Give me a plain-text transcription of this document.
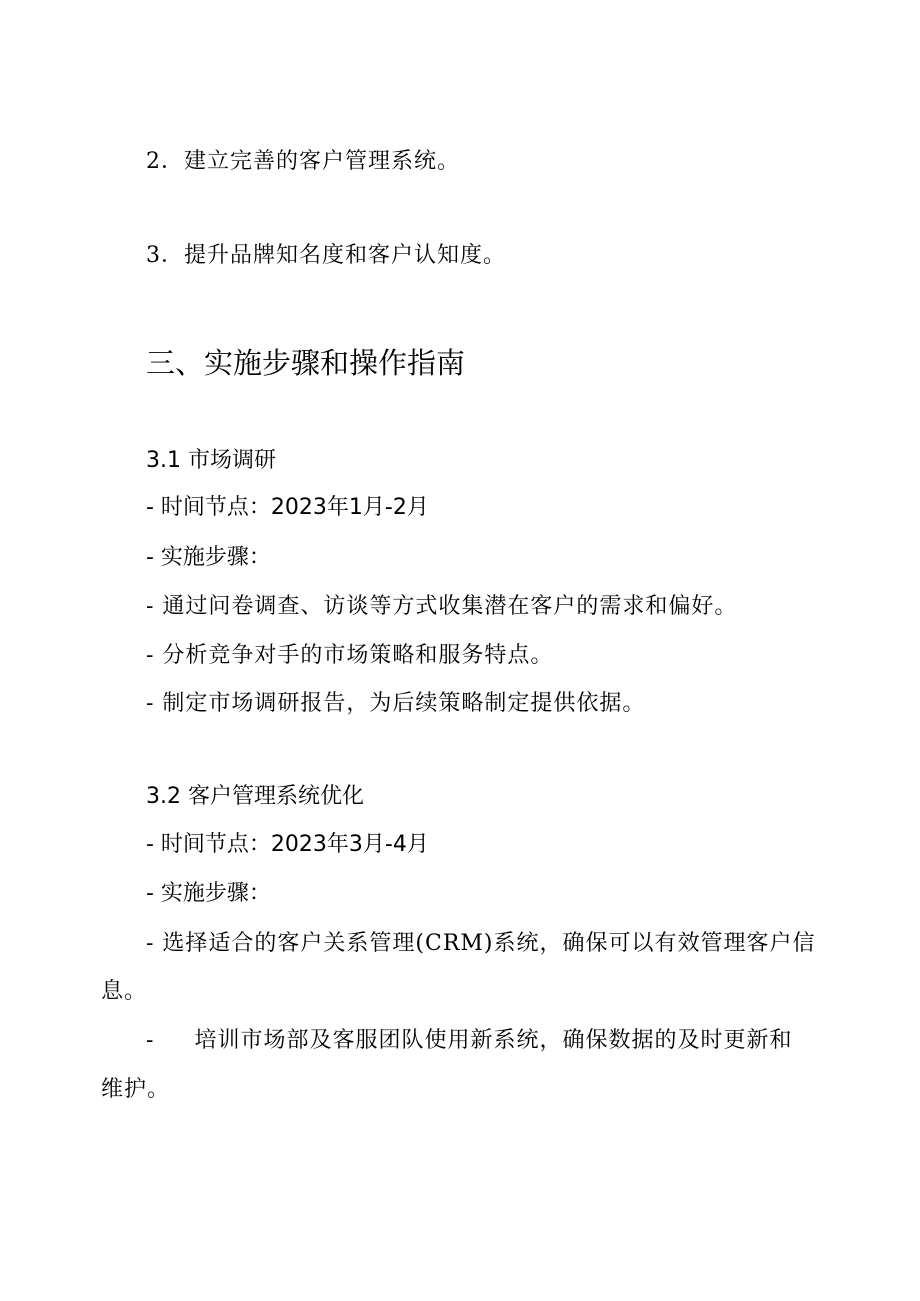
2．建立完善的客户管理系统。
3．提升品牌知名度和客户认知度。
三、实施步骤和操作指南
3.1 市场调研
- 时间节点：2023年1月-2月
- 实施步骤：
- 通过问卷调查、访谈等方式收集潜在客户的需求和偏好。
- 分析竞争对手的市场策略和服务特点。
- 制定市场调研报告，为后续策略制定提供依据。
3.2 客户管理系统优化
- 时间节点：2023年3月-4月
- 实施步骤：
- 选择适合的客户关系管理(CRM)系统，确保可以有效管理客户信
息。
- 培训市场部及客服团队使用新系统，确保数据的及时更新和
维护。
